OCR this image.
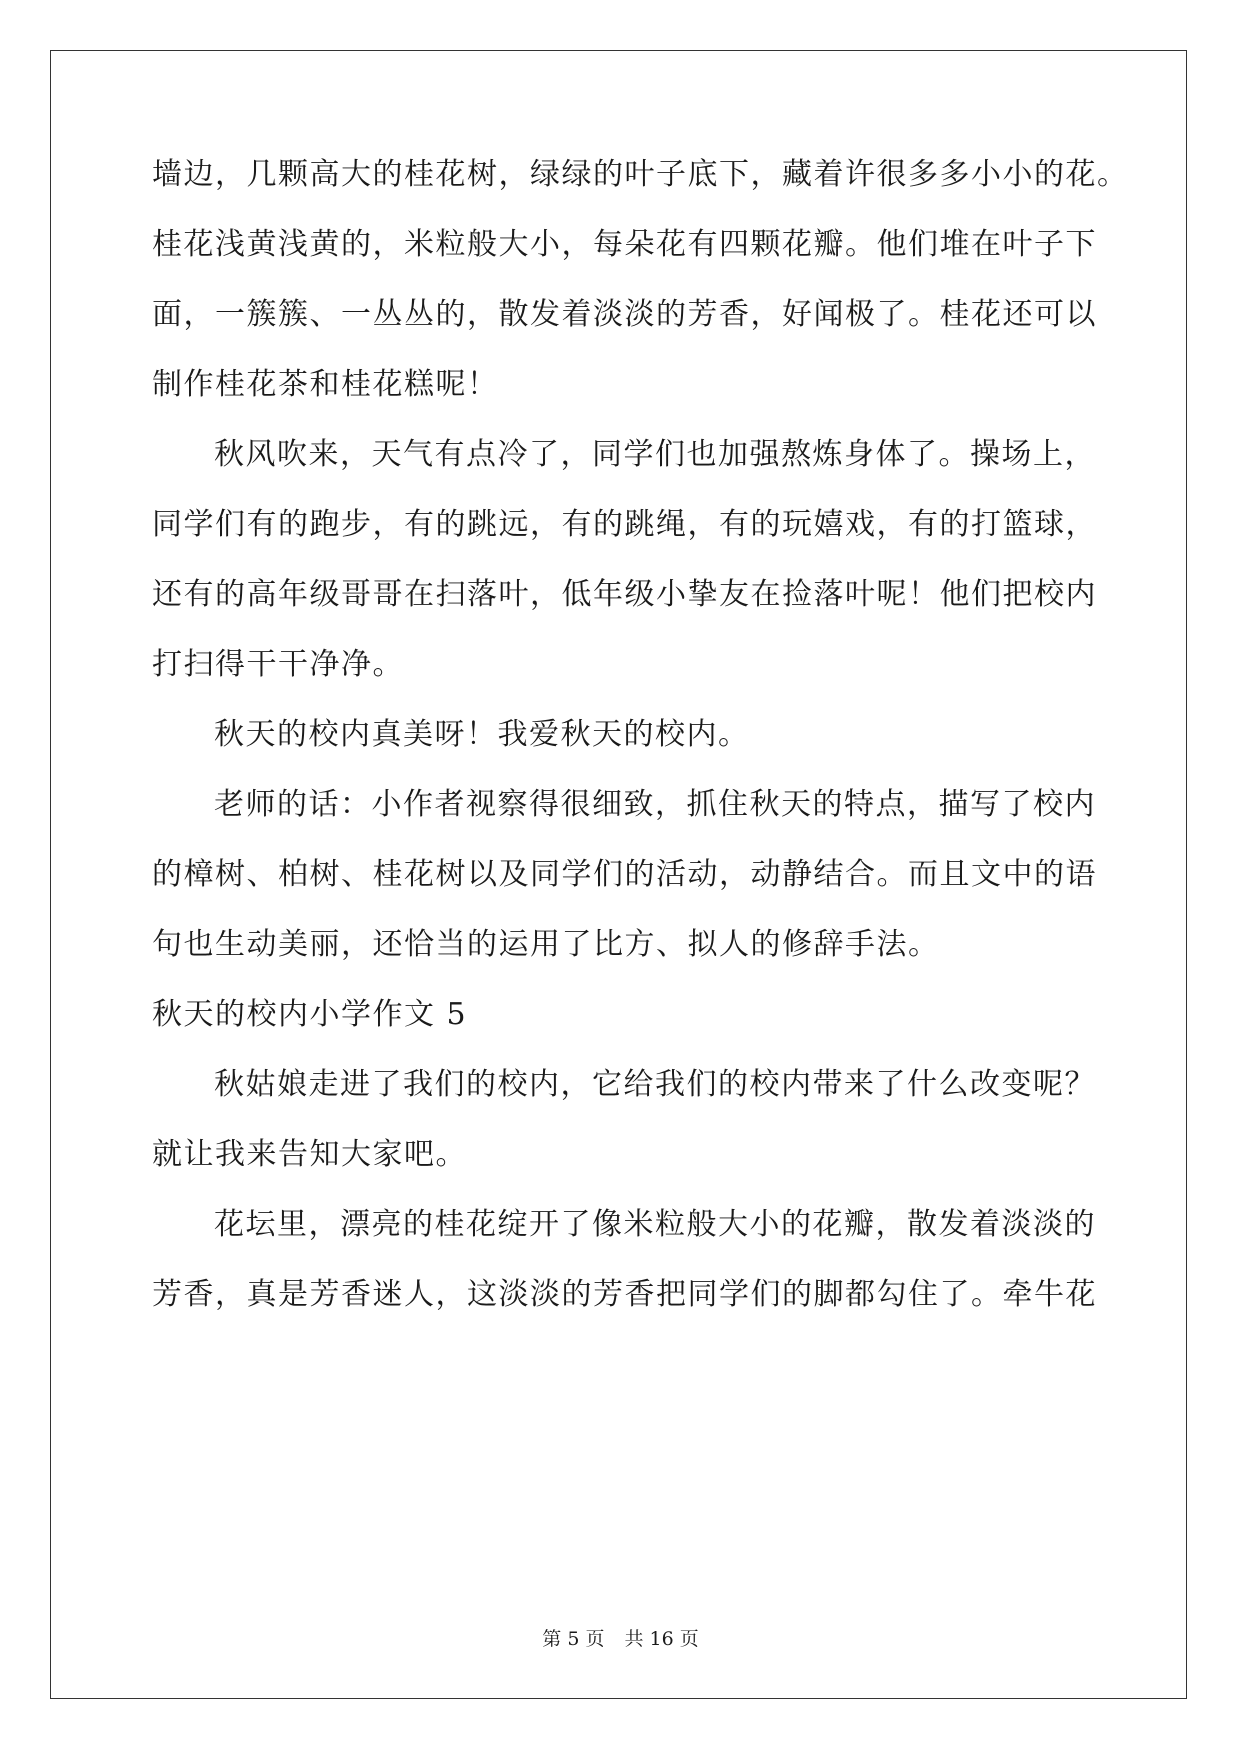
墙边，几颗高大的桂花树，绿绿的叶子底下，藏着许很多多小小的花。
桂花浅黄浅黄的，米粒般大小，每朵花有四颗花瓣。他们堆在叶子下
面，一簇簇、一丛丛的，散发着淡淡的芳香，好闻极了。桂花还可以
制作桂花茶和桂花糕呢！
秋风吹来，天气有点冷了，同学们也加强熬炼身体了。操场上，
同学们有的跑步，有的跳远，有的跳绳，有的玩嬉戏，有的打篮球，
还有的高年级哥哥在扫落叶，低年级小挚友在捡落叶呢！他们把校内
打扫得干干净净。
秋天的校内真美呀！我爱秋天的校内。
老师的话：小作者视察得很细致，抓住秋天的特点，描写了校内
的樟树、柏树、桂花树以及同学们的活动，动静结合。而且文中的语
句也生动美丽，还恰当的运用了比方、拟人的修辞手法。
秋天的校内小学作文 5
秋姑娘走进了我们的校内，它给我们的校内带来了什么改变呢？
就让我来告知大家吧。
花坛里，漂亮的桂花绽开了像米粒般大小的花瓣，散发着淡淡的
芳香，真是芳香迷人，这淡淡的芳香把同学们的脚都勾住了。牵牛花
第 5 页 共 16 页
